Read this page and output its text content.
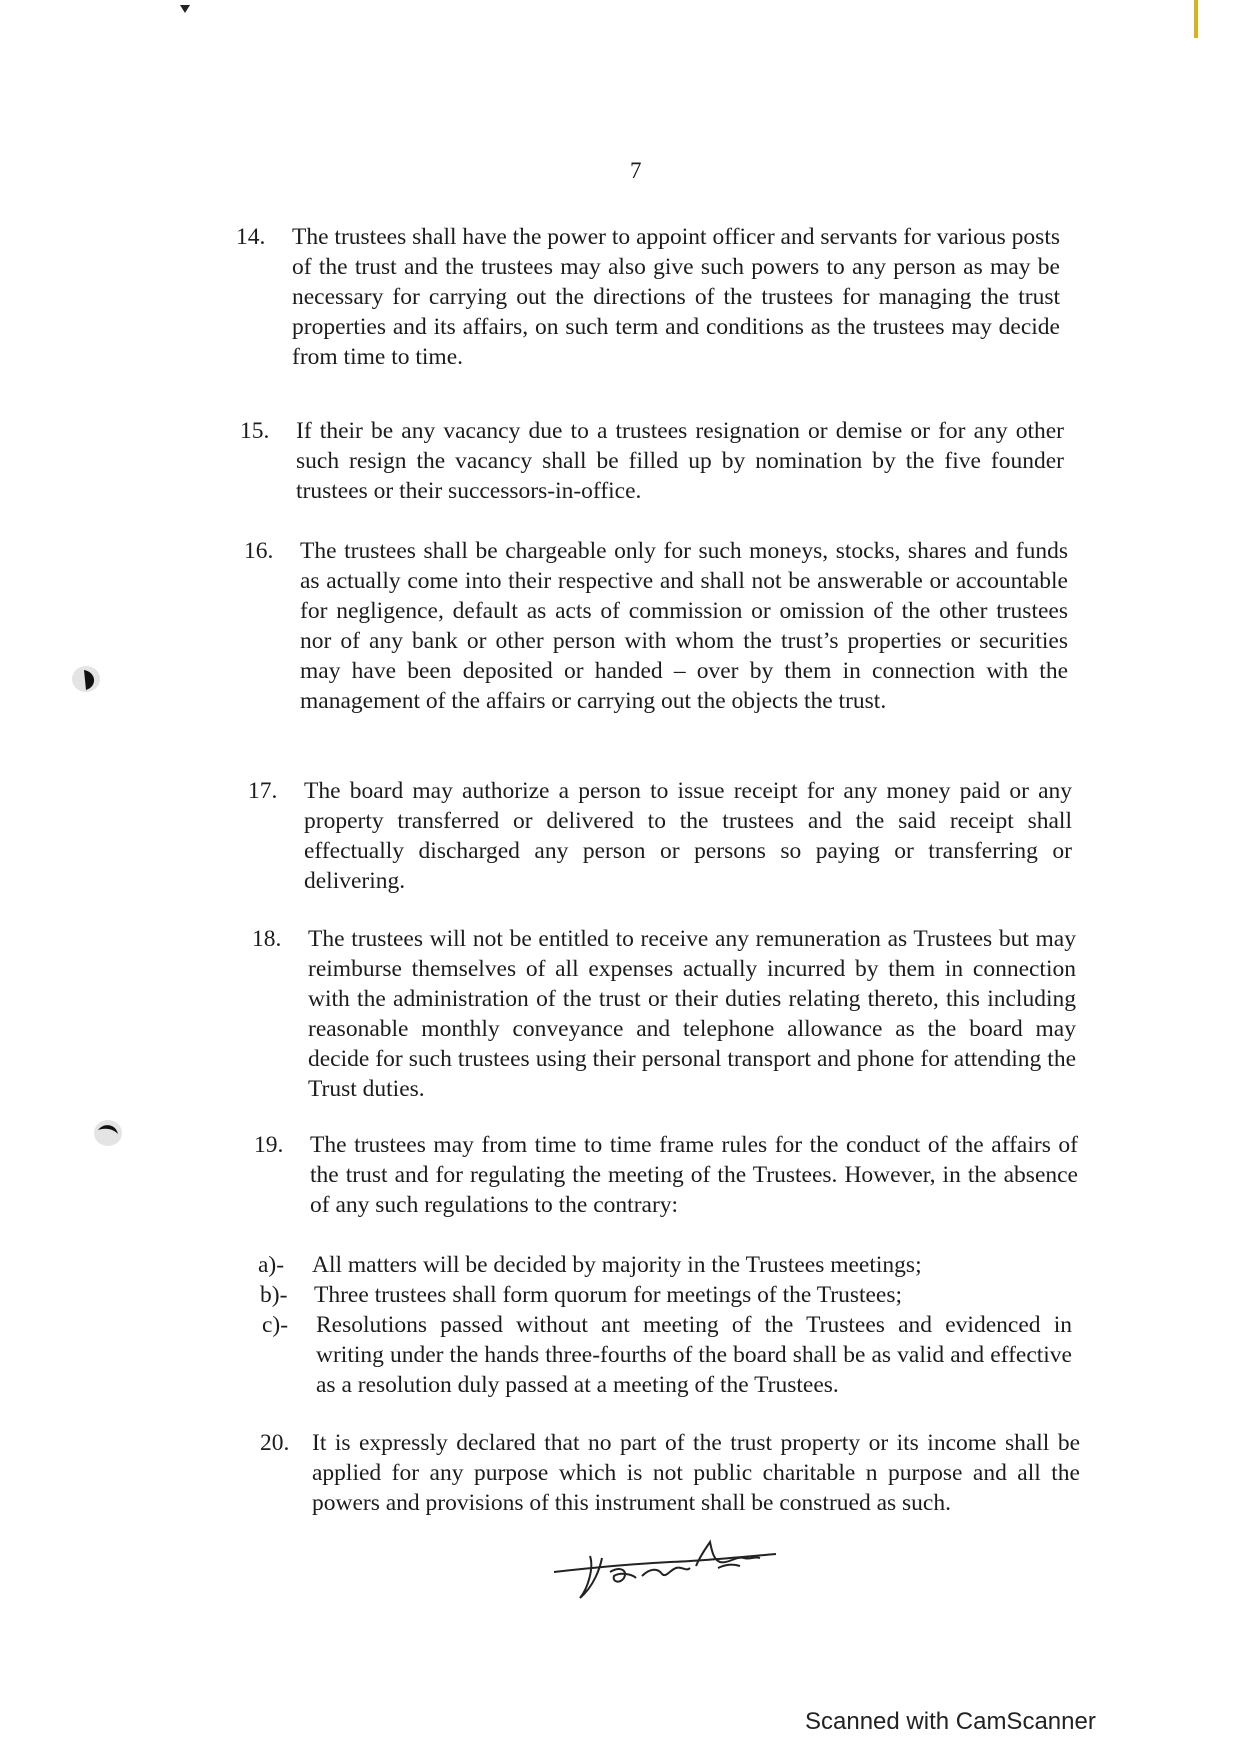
7
14. The trustees shall have the power to appoint officer and servants for various posts of the trust and the trustees may also give such powers to any person as may be necessary for carrying out the directions of the trustees for managing the trust properties and its affairs, on such term and conditions as the trustees may decide from time to time.
15. If their be any vacancy due to a trustees resignation or demise or for any other such resign the vacancy shall be filled up by nomination by the five founder trustees or their successors-in-office.
16. The trustees shall be chargeable only for such moneys, stocks, shares and funds as actually come into their respective and shall not be answerable or accountable for negligence, default as acts of commission or omission of the other trustees nor of any bank or other person with whom the trust’s properties or securities may have been deposited or handed – over by them in connection with the management of the affairs or carrying out the objects the trust.
17. The board may authorize a person to issue receipt for any money paid or any property transferred or delivered to the trustees and the said receipt shall effectually discharged any person or persons so paying or transferring or delivering.
18. The trustees will not be entitled to receive any remuneration as Trustees but may reimburse themselves of all expenses actually incurred by them in connection with the administration of the trust or their duties relating thereto, this including reasonable monthly conveyance and telephone allowance as the board may decide for such trustees using their personal transport and phone for attending the Trust duties.
19. The trustees may from time to time frame rules for the conduct of the affairs of the trust and for regulating the meeting of the Trustees. However, in the absence of any such regulations to the contrary:
a)- All matters will be decided by majority in the Trustees meetings;
b)- Three trustees shall form quorum for meetings of the Trustees;
c)- Resolutions passed without ant meeting of the Trustees and evidenced in writing under the hands three-fourths of the board shall be as valid and effective as a resolution duly passed at a meeting of the Trustees.
20. It is expressly declared that no part of the trust property or its income shall be applied for any purpose which is not public charitable n purpose and all the powers and provisions of this instrument shall be construed as such.
Scanned with CamScanner
